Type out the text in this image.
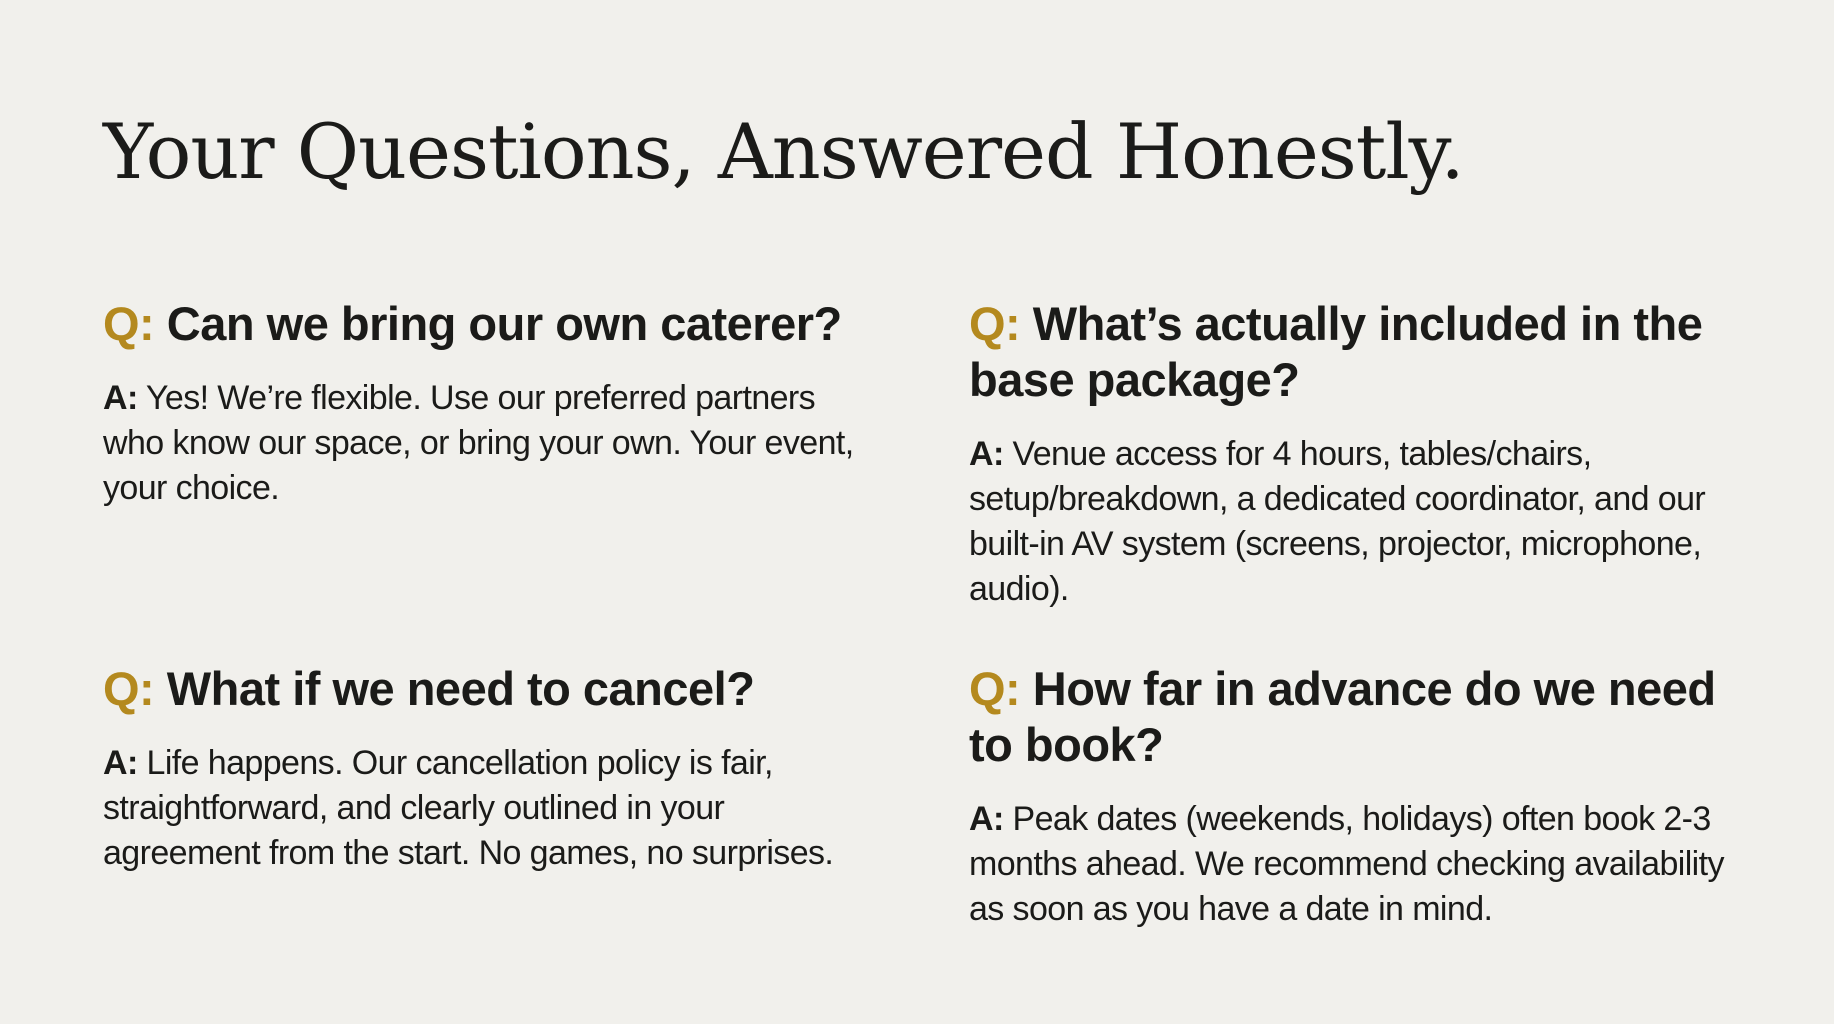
Your Questions, Answered Honestly.
Q: Can we bring our own caterer?

A: Yes! We’re flexible. Use our preferred partners who know our space, or bring your own. Your event, your choice.

Q: What’s actually included in the base package?

A: Venue access for 4 hours, tables/chairs, setup/breakdown, a dedicated coordinator, and our built-in AV system (screens, projector, microphone, audio).

Q: What if we need to cancel?

A: Life happens. Our cancellation policy is fair, straightforward, and clearly outlined in your agreement from the start. No games, no surprises.

Q: How far in advance do we need to book?

A: Peak dates (weekends, holidays) often book 2-3 months ahead. We recommend checking availability as soon as you have a date in mind.
